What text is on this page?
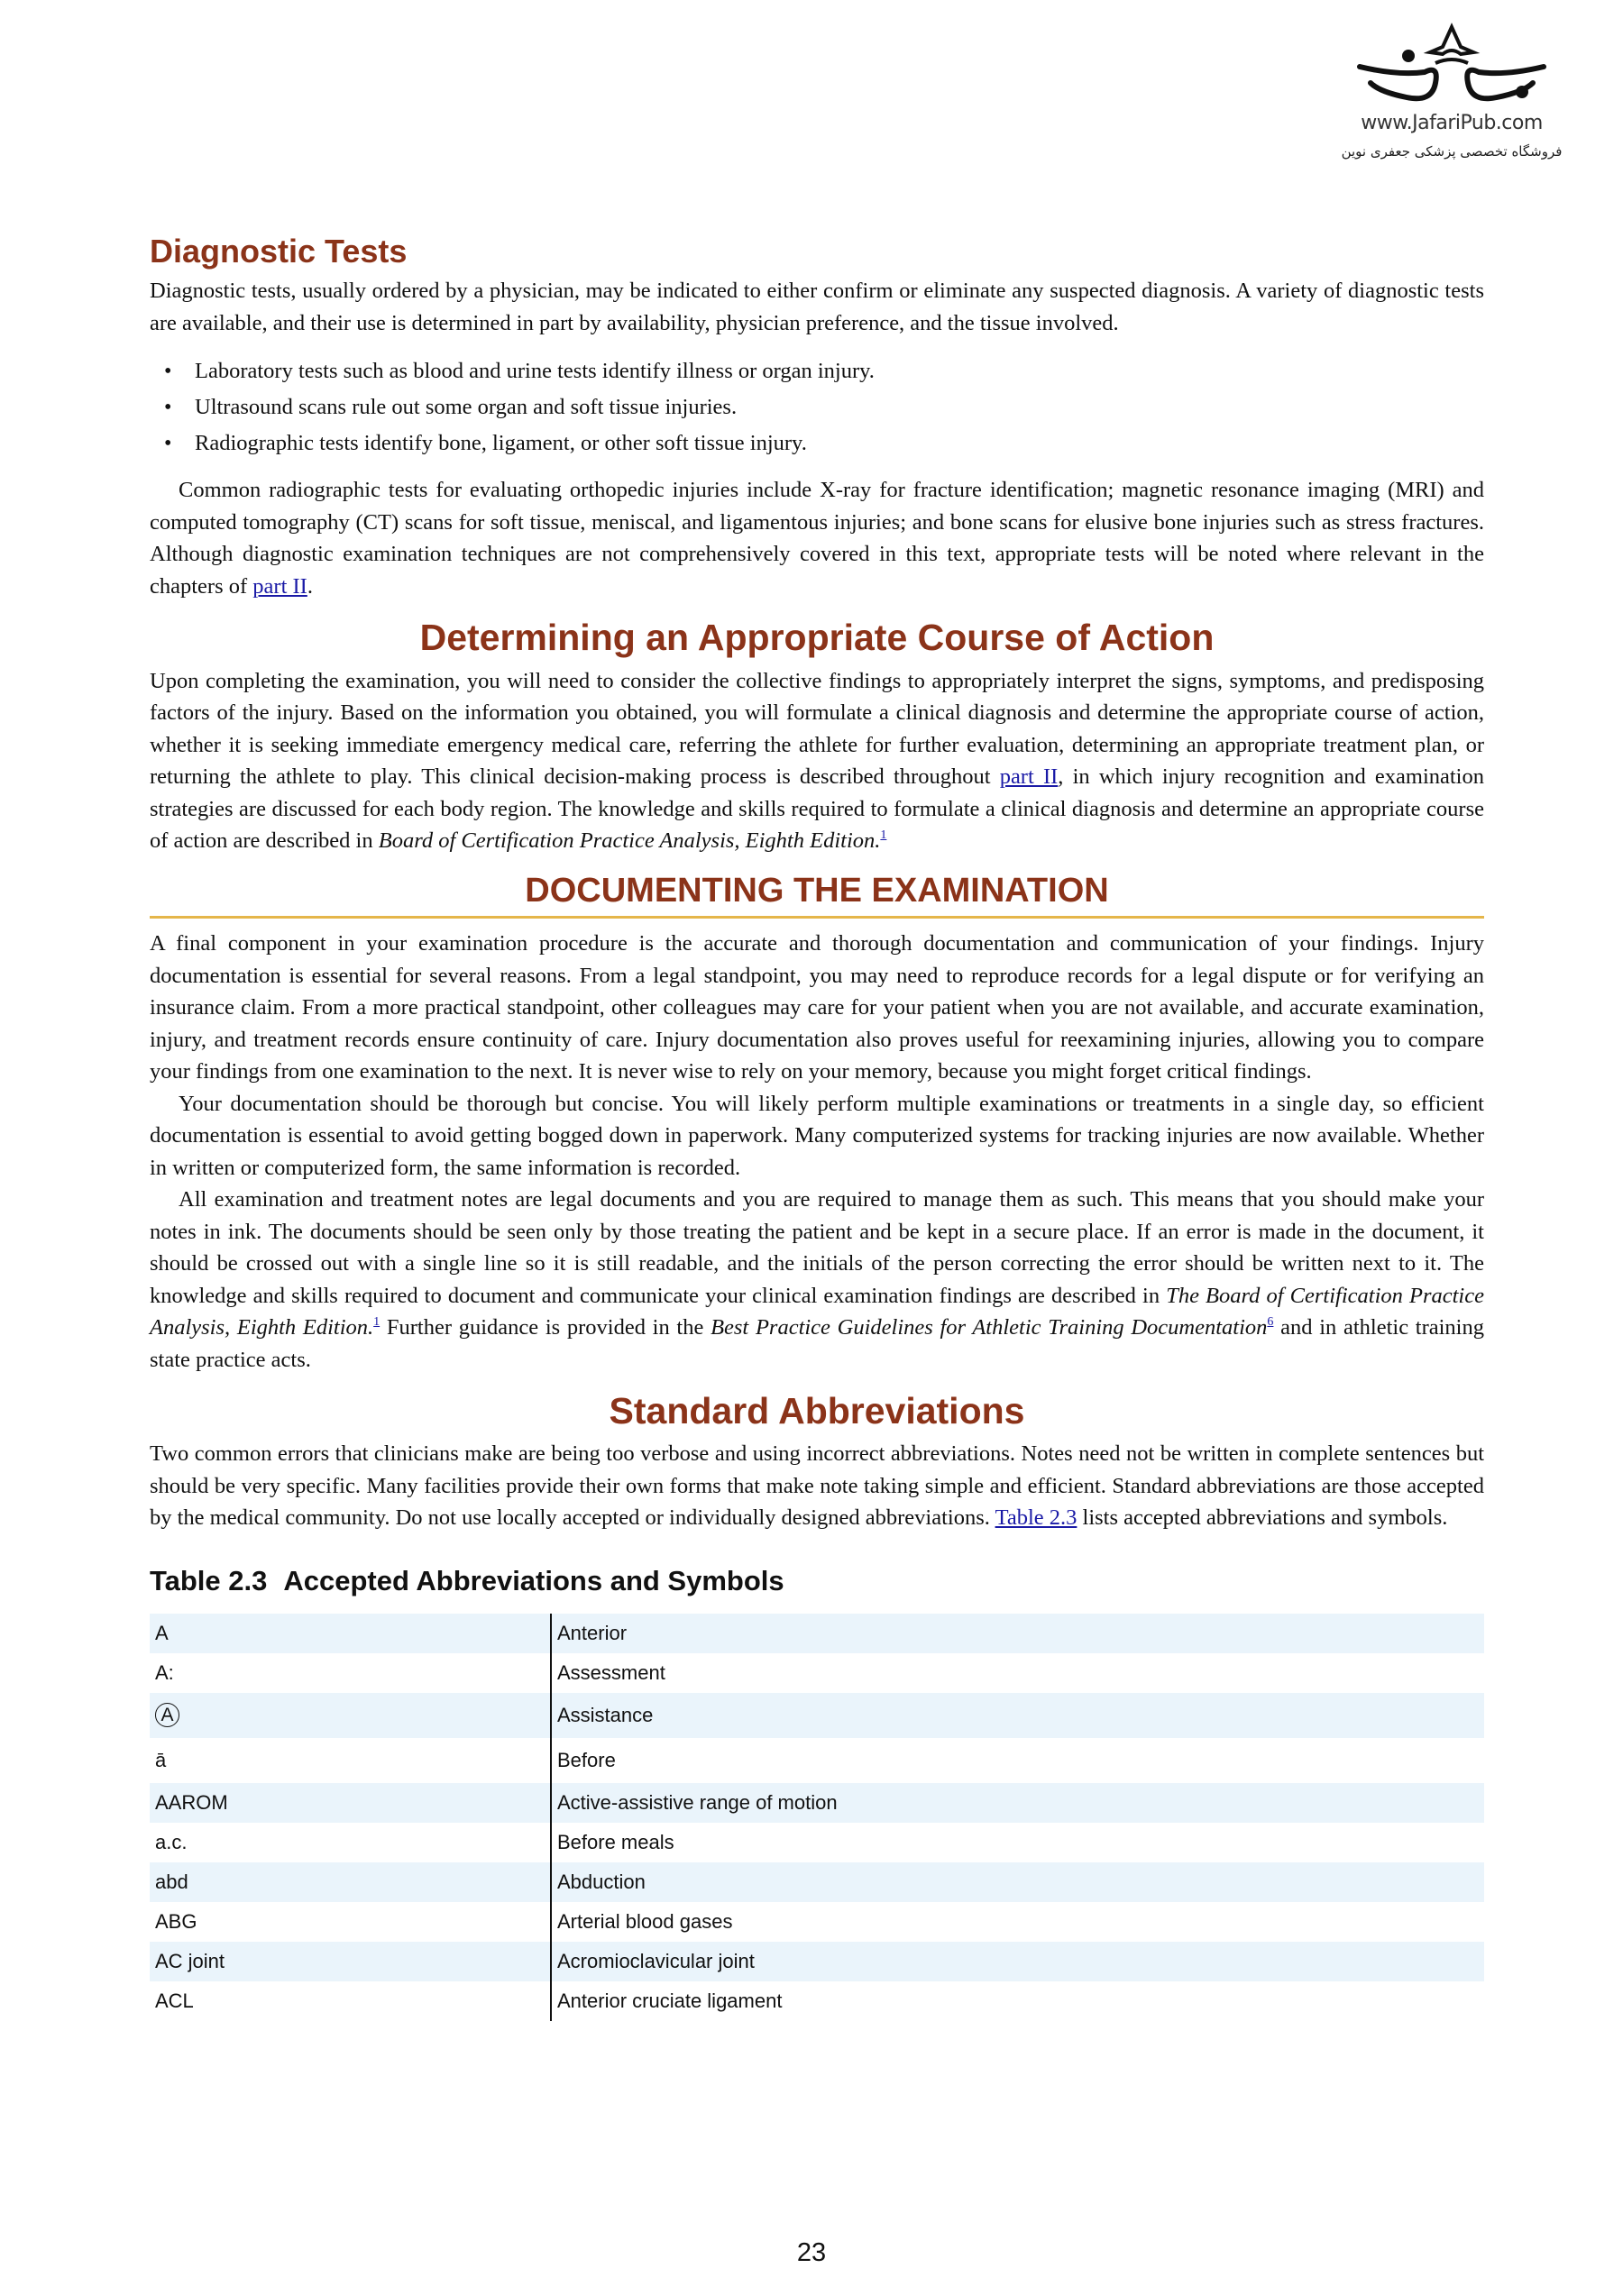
www.JafariPub.com
فروشگاه تخصصی پزشکی جعفری نوین
Diagnostic Tests

Diagnostic tests, usually ordered by a physician, may be indicated to either confirm or eliminate any suspected diagnosis. A variety of diagnostic tests are available, and their use is determined in part by availability, physician preference, and the tissue involved.

• Laboratory tests such as blood and urine tests identify illness or organ injury.
• Ultrasound scans rule out some organ and soft tissue injuries.
• Radiographic tests identify bone, ligament, or other soft tissue injury.

Common radiographic tests for evaluating orthopedic injuries include X-ray for fracture identification; magnetic resonance imaging (MRI) and computed tomography (CT) scans for soft tissue, meniscal, and ligamentous injuries; and bone scans for elusive bone injuries such as stress fractures. Although diagnostic examination techniques are not comprehensively covered in this text, appropriate tests will be noted where relevant in the chapters of part II.

Determining an Appropriate Course of Action

Upon completing the examination, you will need to consider the collective findings to appropriately interpret the signs, symptoms, and predisposing factors of the injury. Based on the information you obtained, you will formulate a clinical diagnosis and determine the appropriate course of action, whether it is seeking immediate emergency medical care, referring the athlete for further evaluation, determining an appropriate treatment plan, or returning the athlete to play. This clinical decision-making process is described throughout part II, in which injury recognition and examination strategies are discussed for each body region. The knowledge and skills required to formulate a clinical diagnosis and determine an appropriate course of action are described in Board of Certification Practice Analysis, Eighth Edition.$^1$

DOCUMENTING THE EXAMINATION

A final component in your examination procedure is the accurate and thorough documentation and communication of your findings. Injury documentation is essential for several reasons. From a legal standpoint, you may need to reproduce records for a legal dispute or for verifying an insurance claim. From a more practical standpoint, other colleagues may care for your patient when you are not available, and accurate examination, injury, and treatment records ensure continuity of care. Injury documentation also proves useful for reexamining injuries, allowing you to compare your findings from one examination to the next. It is never wise to rely on your memory, because you might forget critical findings.

Your documentation should be thorough but concise. You will likely perform multiple examinations or treatments in a single day, so efficient documentation is essential to avoid getting bogged down in paperwork. Many computerized systems for tracking injuries are now available. Whether in written or computerized form, the same information is recorded.

All examination and treatment notes are legal documents and you are required to manage them as such. This means that you should make your notes in ink. The documents should be seen only by those treating the patient and be kept in a secure place. If an error is made in the document, it should be crossed out with a single line so it is still readable, and the initials of the person correcting the error should be written next to it. The knowledge and skills required to document and communicate your clinical examination findings are described in The Board of Certification Practice Analysis, Eighth Edition.$^1$ Further guidance is provided in the Best Practice Guidelines for Athletic Training Documentation$^6$ and in athletic training state practice acts.

Standard Abbreviations

Two common errors that clinicians make are being too verbose and using incorrect abbreviations. Notes need not be written in complete sentences but should be very specific. Many facilities provide their own forms that make note taking simple and efficient. Standard abbreviations are those accepted by the medical community. Do not use locally accepted or individually designed abbreviations. Table 2.3 lists accepted abbreviations and symbols.

Table 2.3 Accepted Abbreviations and Symbols
A	Anterior
A:	Assessment
A	Assistance
ā	Before
AAROM	Active-assistive range of motion
a.c.	Before meals
abd	Abduction
ABG	Arterial blood gases
AC joint	Acromioclavicular joint
ACL	Anterior cruciate ligament
23
